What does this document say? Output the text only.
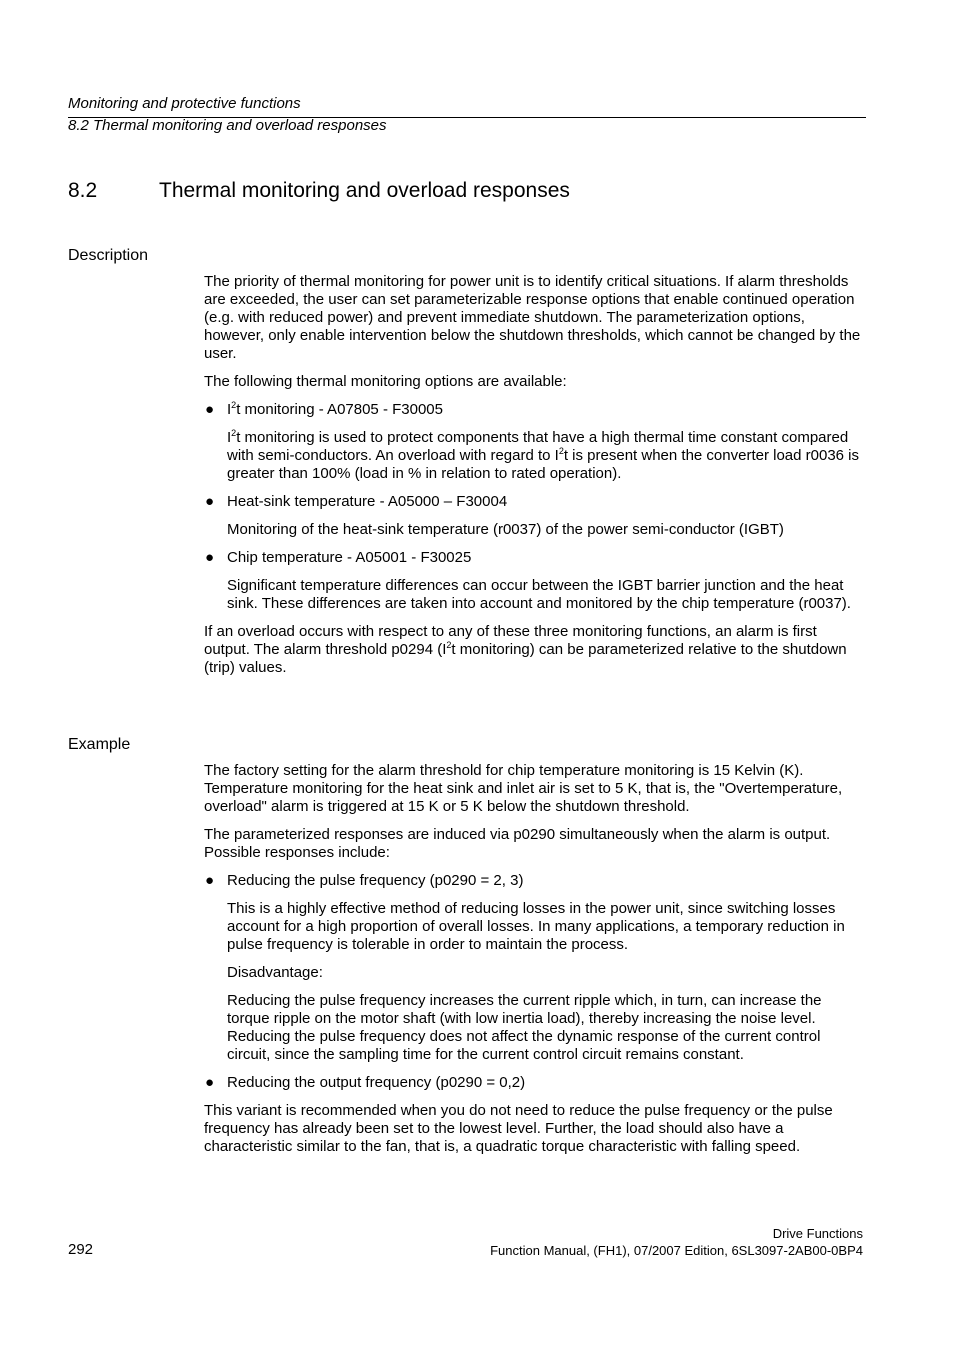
Monitoring and protective functions
8.2 Thermal monitoring and overload responses
8.2	Thermal monitoring and overload responses
Description

The priority of thermal monitoring for power unit is to identify critical situations. If alarm thresholds are exceeded, the user can set parameterizable response options that enable continued operation (e.g. with reduced power) and prevent immediate shutdown. The parameterization options, however, only enable intervention below the shutdown thresholds, which cannot be changed by the user.

The following thermal monitoring options are available:

● $I^2t$ monitoring - A07805 - F30005
$I^2t$ monitoring is used to protect components that have a high thermal time constant compared with semi-conductors. An overload with regard to $I^2t$ is present when the converter load r0036 is greater than 100% (load in % in relation to rated operation).
● Heat-sink temperature - A05000 – F30004
Monitoring of the heat-sink temperature (r0037) of the power semi-conductor (IGBT)
● Chip temperature - A05001 - F30025
Significant temperature differences can occur between the IGBT barrier junction and the heat sink. These differences are taken into account and monitored by the chip temperature (r0037).

If an overload occurs with respect to any of these three monitoring functions, an alarm is first output. The alarm threshold p0294 ($I^2t$ monitoring) can be parameterized relative to the shutdown (trip) values.

Example

The factory setting for the alarm threshold for chip temperature monitoring is 15 Kelvin (K). Temperature monitoring for the heat sink and inlet air is set to 5 K, that is, the "Overtemperature, overload" alarm is triggered at 15 K or 5 K below the shutdown threshold.

The parameterized responses are induced via p0290 simultaneously when the alarm is output. Possible responses include:

● Reducing the pulse frequency (p0290 = 2, 3)
This is a highly effective method of reducing losses in the power unit, since switching losses account for a high proportion of overall losses. In many applications, a temporary reduction in pulse frequency is tolerable in order to maintain the process.
Disadvantage:
Reducing the pulse frequency increases the current ripple which, in turn, can increase the torque ripple on the motor shaft (with low inertia load), thereby increasing the noise level. Reducing the pulse frequency does not affect the dynamic response of the current control circuit, since the sampling time for the current control circuit remains constant.
● Reducing the output frequency (p0290 = 0,2)

This variant is recommended when you do not need to reduce the pulse frequency or the pulse frequency has already been set to the lowest level. Further, the load should also have a characteristic similar to the fan, that is, a quadratic torque characteristic with falling speed.

Drive Functions
Function Manual, (FH1), 07/2007 Edition, 6SL3097-2AB00-0BP4
292
